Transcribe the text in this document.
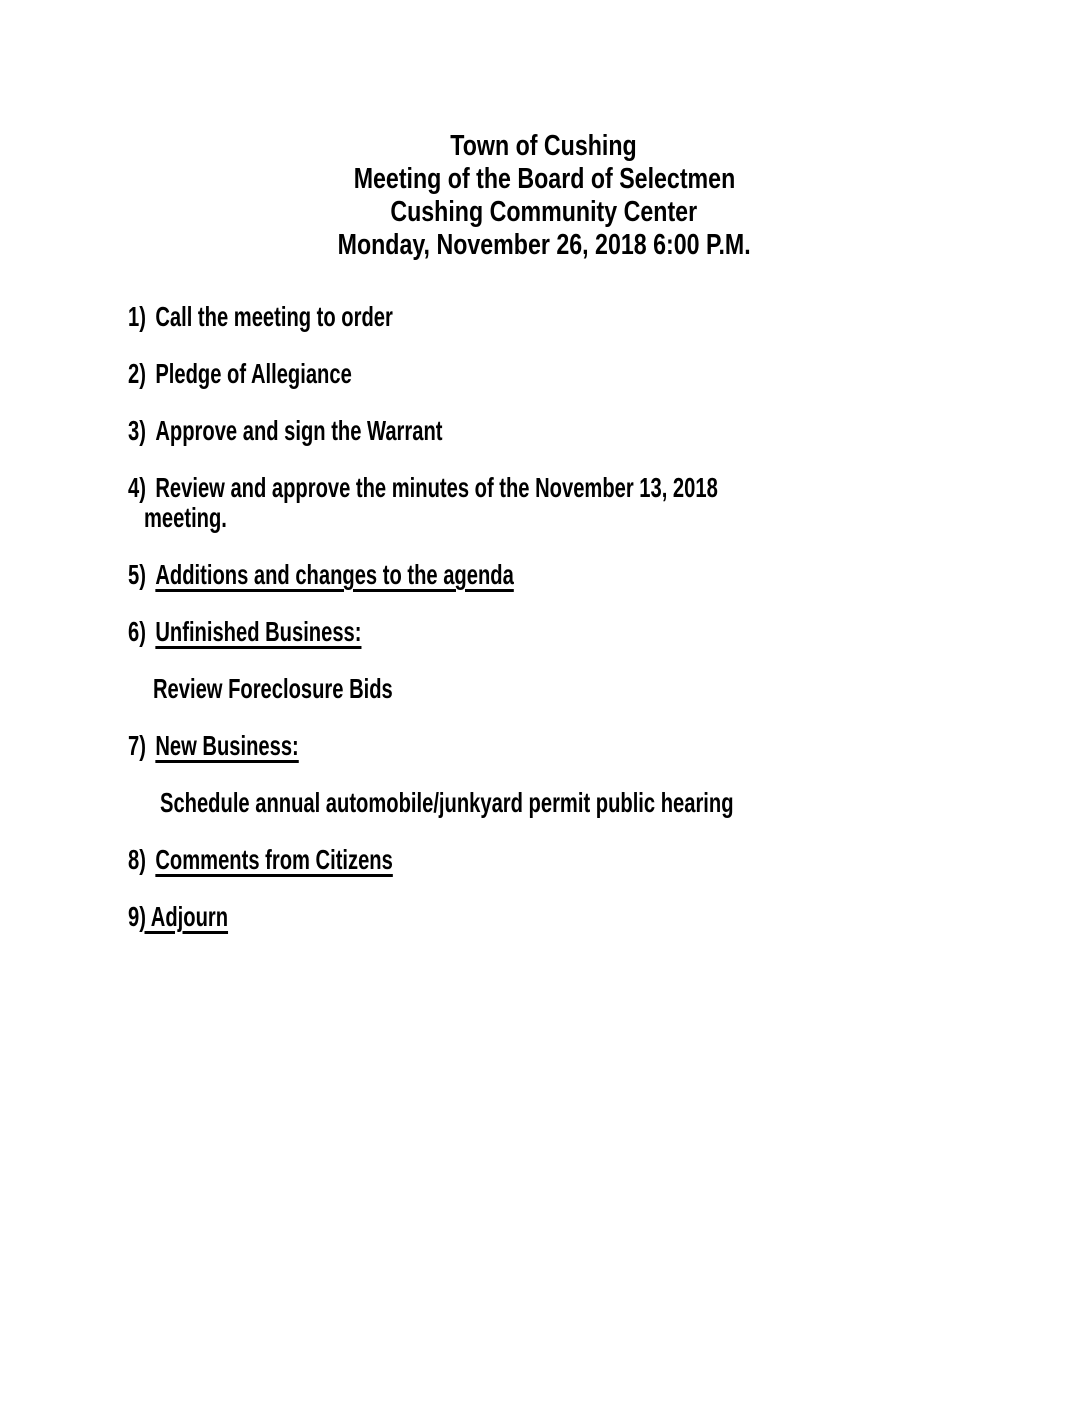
Town of Cushing
Meeting of the Board of Selectmen
Cushing Community Center
Monday, November 26, 2018 6:00 P.M.
1) Call the meeting to order
2) Pledge of Allegiance
3) Approve and sign the Warrant
4) Review and approve the minutes of the November 13, 2018
meeting.
5) Additions and changes to the agenda
6) Unfinished Business:
Review Foreclosure Bids
7) New Business:
Schedule annual automobile/junkyard permit public hearing
8) Comments from Citizens
9) Adjourn
